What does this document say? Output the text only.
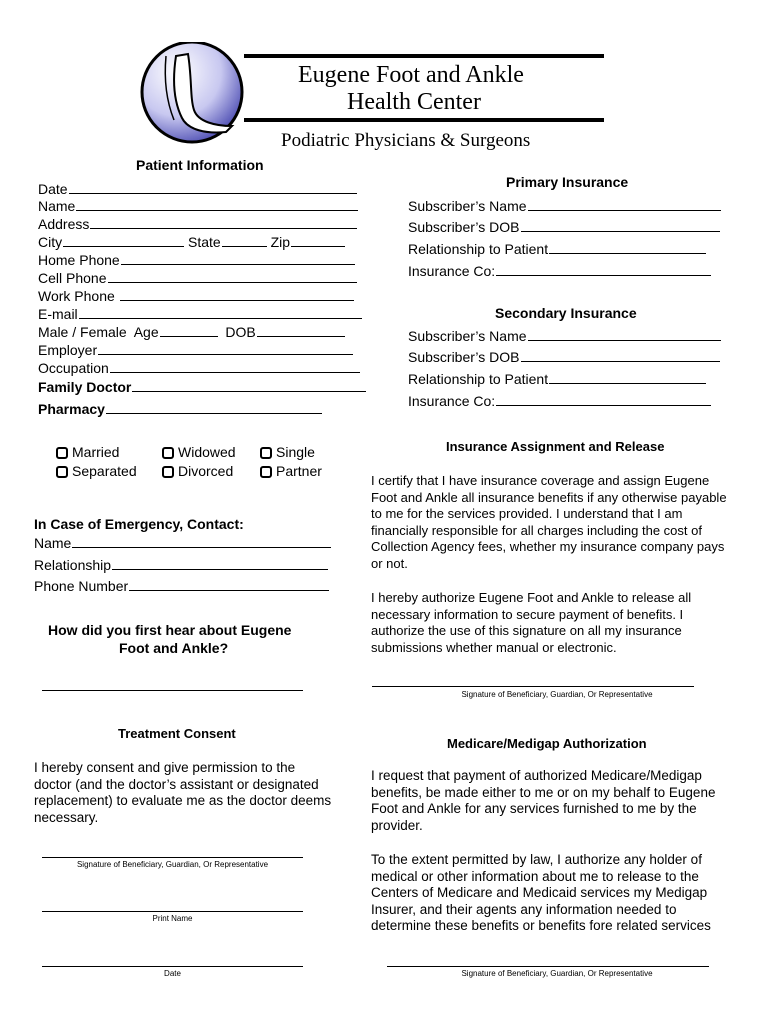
Eugene Foot and Ankle
Health Center
Podiatric Physicians & Surgeons
Patient Information
Date
Name
Address
City	State	Zip
Home Phone
Cell Phone
Work Phone
E-mail
Male / Female  Age	DOB
Employer
Occupation
Family Doctor
Pharmacy
Married	Widowed	Single
Separated	Divorced	Partner
In Case of Emergency, Contact:
Name
Relationship
Phone Number
How did you first hear about Eugene
Foot and Ankle?
Treatment Consent
I hereby consent and give permission to the doctor (and the doctor’s assistant or designated replacement) to evaluate me as the doctor deems necessary.
Signature of Beneficiary, Guardian, Or Representative
Print Name
Date
Primary Insurance
Subscriber’s Name
Subscriber’s DOB
Relationship to Patient
Insurance Co:
Secondary Insurance
Subscriber’s Name
Subscriber’s DOB
Relationship to Patient
Insurance Co:
Insurance Assignment and Release
I certify that I have insurance coverage and assign Eugene Foot and Ankle all insurance benefits if any otherwise payable to me for the services provided. I understand that I am financially responsible for all charges including the cost of Collection Agency fees, whether my insurance company pays or not.
I hereby authorize Eugene Foot and Ankle to release all necessary information to secure payment of benefits. I authorize the use of this signature on all my insurance submissions whether manual or electronic.
Signature of Beneficiary, Guardian, Or Representative
Medicare/Medigap Authorization
I request that payment of authorized Medicare/Medigap benefits, be made either to me or on my behalf to Eugene Foot and Ankle for any services furnished to me by the provider.
To the extent permitted by law, I authorize any holder of medical or other information about me to release to the Centers of Medicare and Medicaid services my Medigap Insurer, and their agents any information needed to determine these benefits or benefits fore related services
Signature of Beneficiary, Guardian, Or Representative
